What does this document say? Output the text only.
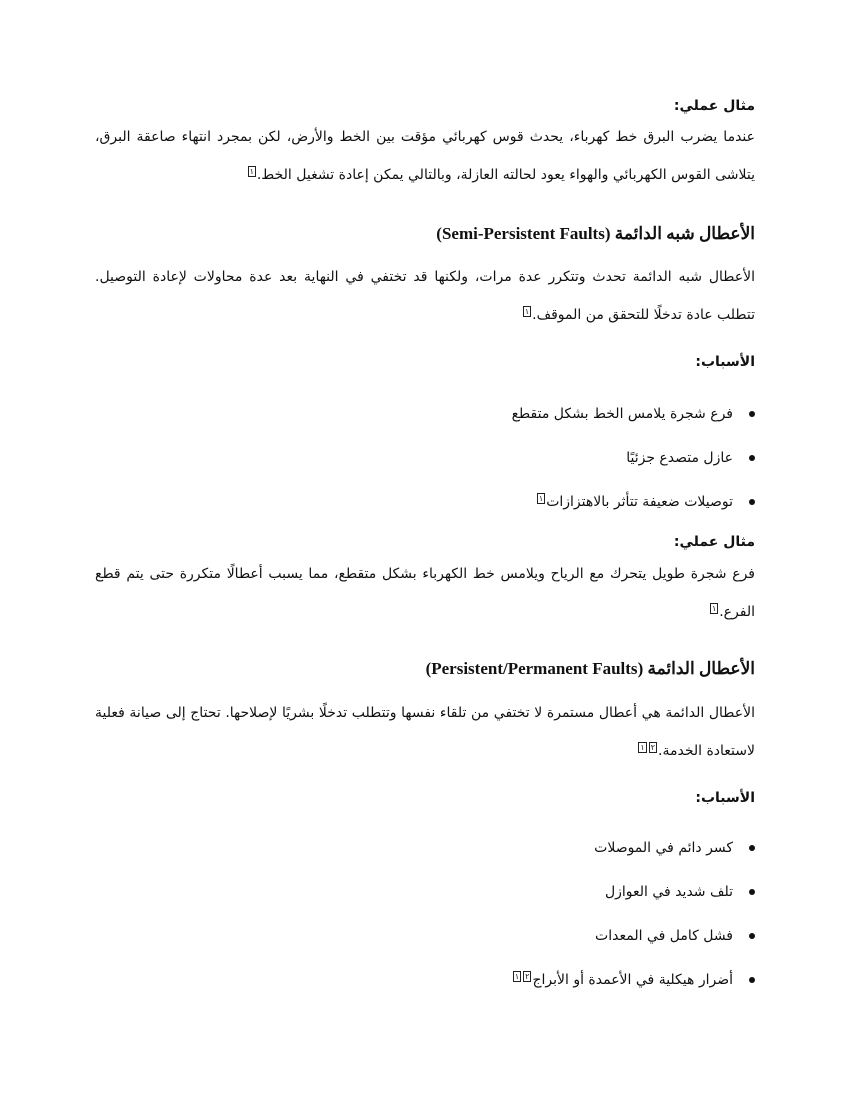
مثال عملي:

عندما يضرب البرق خط كهرباء، يحدث قوس كهربائي مؤقت بين الخط والأرض، لكن بمجرد انتهاء صاعقة البرق، يتلاشى القوس الكهربائي والهواء يعود لحالته العازلة، وبالتالي يمكن إعادة تشغيل الخط.١

الأعطال شبه الدائمة (Semi-Persistent Faults)

الأعطال شبه الدائمة تحدث وتتكرر عدة مرات، ولكنها قد تختفي في النهاية بعد عدة محاولات لإعادة التوصيل. تتطلب عادة تدخلًا للتحقق من الموقف.١

الأسباب:
فرع شجرة يلامس الخط بشكل متقطع
عازل متصدع جزئيًا
توصيلات ضعيفة تتأثر بالاهتزازات١
مثال عملي:

فرع شجرة طويل يتحرك مع الرياح ويلامس خط الكهرباء بشكل متقطع، مما يسبب أعطالًا متكررة حتى يتم قطع الفرع.١

الأعطال الدائمة (Persistent/Permanent Faults)

الأعطال الدائمة هي أعطال مستمرة لا تختفي من تلقاء نفسها وتتطلب تدخلًا بشريًا لإصلاحها. تحتاج إلى صيانة فعلية لاستعادة الخدمة.٢١

الأسباب:
كسر دائم في الموصلات
تلف شديد في العوازل
فشل كامل في المعدات
أضرار هيكلية في الأعمدة أو الأبراج٢١
